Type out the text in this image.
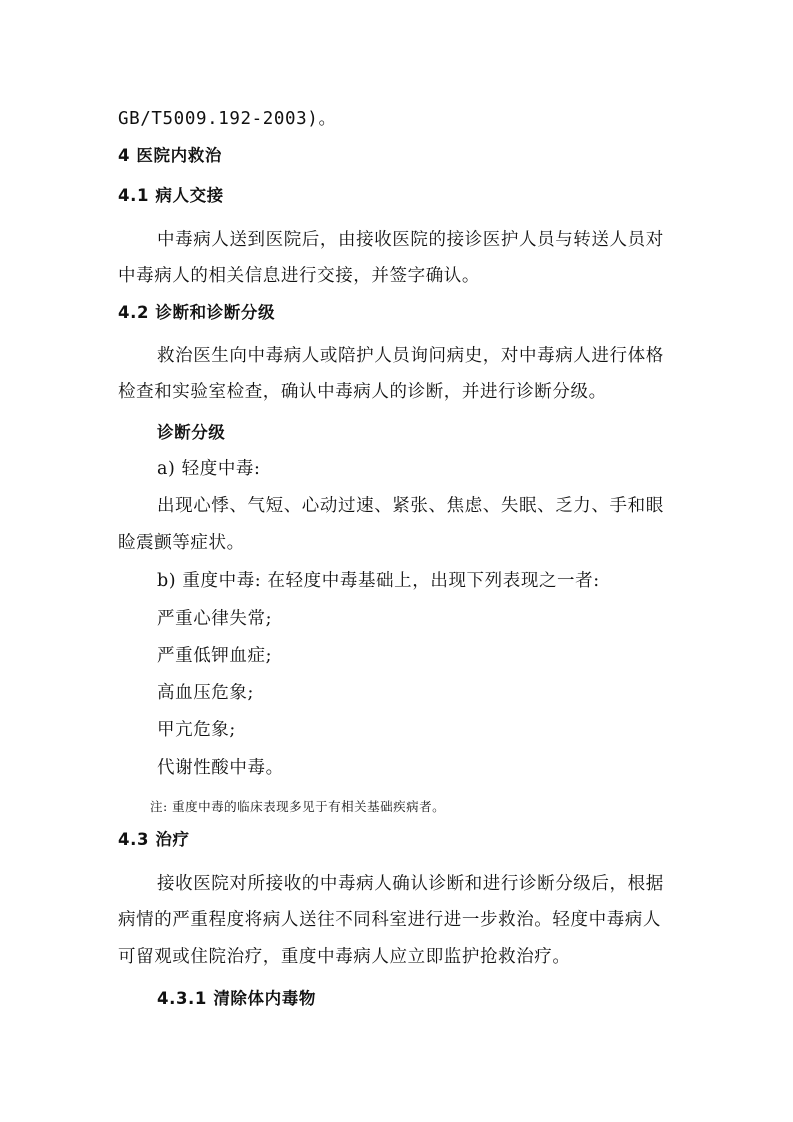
GB/T5009.192-2003)。
4 医院内救治
4.1 病人交接
中毒病人送到医院后，由接收医院的接诊医护人员与转送人员对
中毒病人的相关信息进行交接，并签字确认。
4.2 诊断和诊断分级
救治医生向中毒病人或陪护人员询问病史，对中毒病人进行体格
检查和实验室检查，确认中毒病人的诊断，并进行诊断分级。
诊断分级
a) 轻度中毒:
出现心悸、气短、心动过速、紧张、焦虑、失眠、乏力、手和眼
睑震颤等症状。
b) 重度中毒: 在轻度中毒基础上，出现下列表现之一者:
严重心律失常;
严重低钾血症;
高血压危象;
甲亢危象;
代谢性酸中毒。
注: 重度中毒的临床表现多见于有相关基础疾病者。
4.3 治疗
接收医院对所接收的中毒病人确认诊断和进行诊断分级后，根据
病情的严重程度将病人送往不同科室进行进一步救治。轻度中毒病人
可留观或住院治疗，重度中毒病人应立即监护抢救治疗。
4.3.1 清除体内毒物
